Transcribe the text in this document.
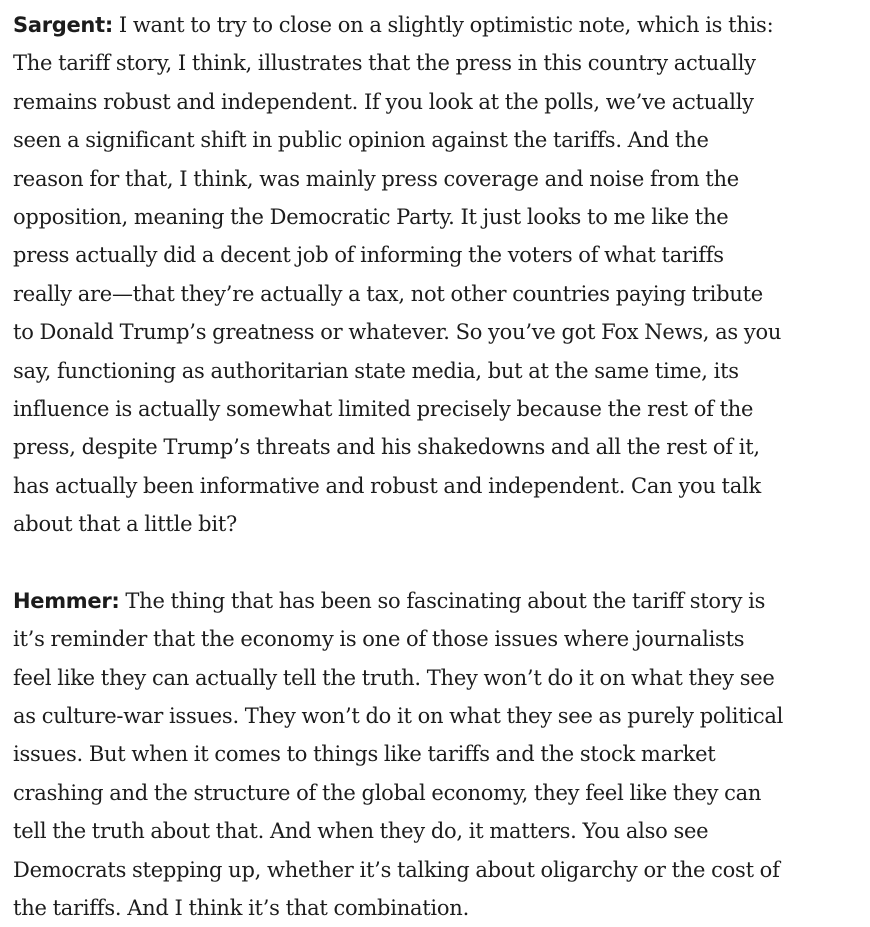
Sargent: I want to try to close on a slightly optimistic note, which is this:
The tariff story, I think, illustrates that the press in this country actually
remains robust and independent. If you look at the polls, we’ve actually
seen a significant shift in public opinion against the tariffs. And the
reason for that, I think, was mainly press coverage and noise from the
opposition, meaning the Democratic Party. It just looks to me like the
press actually did a decent job of informing the voters of what tariffs
really are—that they’re actually a tax, not other countries paying tribute
to Donald Trump’s greatness or whatever. So you’ve got Fox News, as you
say, functioning as authoritarian state media, but at the same time, its
influence is actually somewhat limited precisely because the rest of the
press, despite Trump’s threats and his shakedowns and all the rest of it,
has actually been informative and robust and independent. Can you talk
about that a little bit?
Hemmer: The thing that has been so fascinating about the tariff story is
it’s reminder that the economy is one of those issues where journalists
feel like they can actually tell the truth. They won’t do it on what they see
as culture-war issues. They won’t do it on what they see as purely political
issues. But when it comes to things like tariffs and the stock market
crashing and the structure of the global economy, they feel like they can
tell the truth about that. And when they do, it matters. You also see
Democrats stepping up, whether it’s talking about oligarchy or the cost of
the tariffs. And I think it’s that combination.
